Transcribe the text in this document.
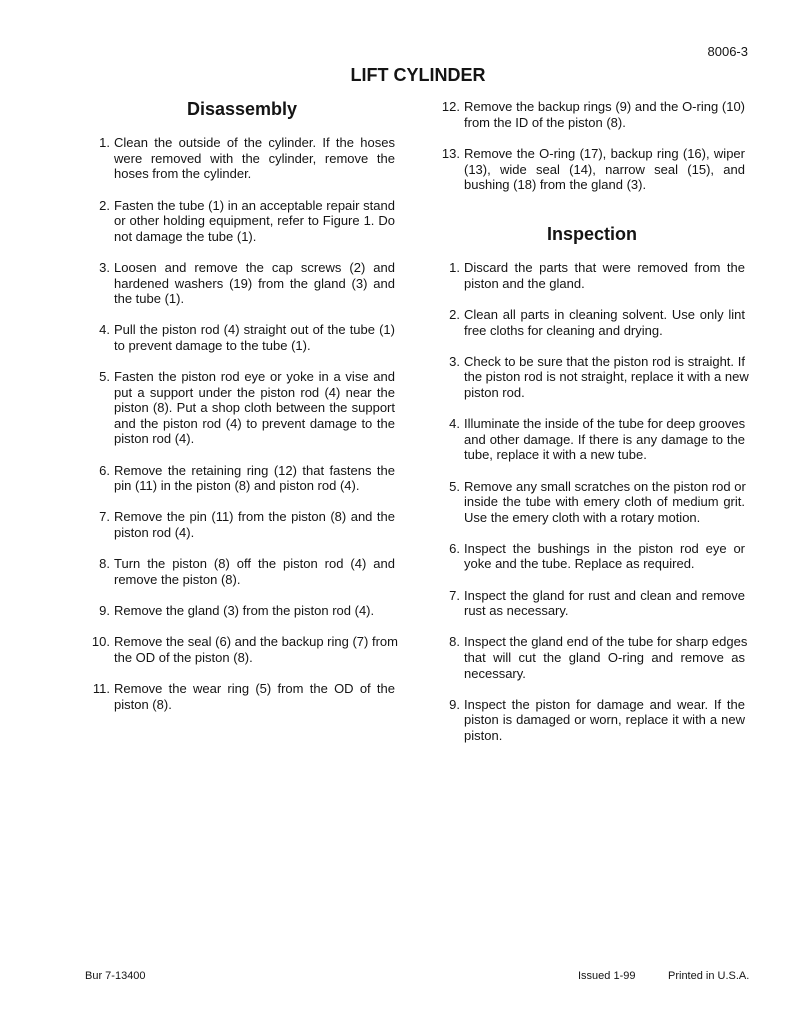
8006-3
LIFT CYLINDER
Disassembly
1. Clean the outside of the cylinder. If the hoses
were removed with the cylinder, remove the
hoses from the cylinder.
2. Fasten the tube (1) in an acceptable repair stand
or other holding equipment, refer to Figure 1. Do
not damage the tube (1).
3. Loosen and remove the cap screws (2) and
hardened washers (19) from the gland (3) and
the tube (1).
4. Pull the piston rod (4) straight out of the tube (1)
to prevent damage to the tube (1).
5. Fasten the piston rod eye or yoke in a vise and
put a support under the piston rod (4) near the
piston (8). Put a shop cloth between the support
and the piston rod (4) to prevent damage to the
piston rod (4).
6. Remove the retaining ring (12) that fastens the
pin (11) in the piston (8) and piston rod (4).
7. Remove the pin (11) from the piston (8) and the
piston rod (4).
8. Turn the piston (8) off the piston rod (4) and
remove the piston (8).
9. Remove the gland (3) from the piston rod (4).
10. Remove the seal (6) and the backup ring (7) from
the OD of the piston (8).
11. Remove the wear ring (5) from the OD of the
piston (8).
12. Remove the backup rings (9) and the O-ring (10)
from the ID of the piston (8).
13. Remove the O-ring (17), backup ring (16), wiper
(13), wide seal (14), narrow seal (15), and
bushing (18) from the gland (3).
Inspection
1. Discard the parts that were removed from the
piston and the gland.
2. Clean all parts in cleaning solvent. Use only lint
free cloths for cleaning and drying.
3. Check to be sure that the piston rod is straight. If
the piston rod is not straight, replace it with a new
piston rod.
4. Illuminate the inside of the tube for deep grooves
and other damage. If there is any damage to the
tube, replace it with a new tube.
5. Remove any small scratches on the piston rod or
inside the tube with emery cloth of medium grit.
Use the emery cloth with a rotary motion.
6. Inspect the bushings in the piston rod eye or
yoke and the tube. Replace as required.
7. Inspect the gland for rust and clean and remove
rust as necessary.
8. Inspect the gland end of the tube for sharp edges
that will cut the gland O-ring and remove as
necessary.
9. Inspect the piston for damage and wear. If the
piston is damaged or worn, replace it with a new
piston.
Bur 7-13400	Issued 1-99	Printed in U.S.A.
